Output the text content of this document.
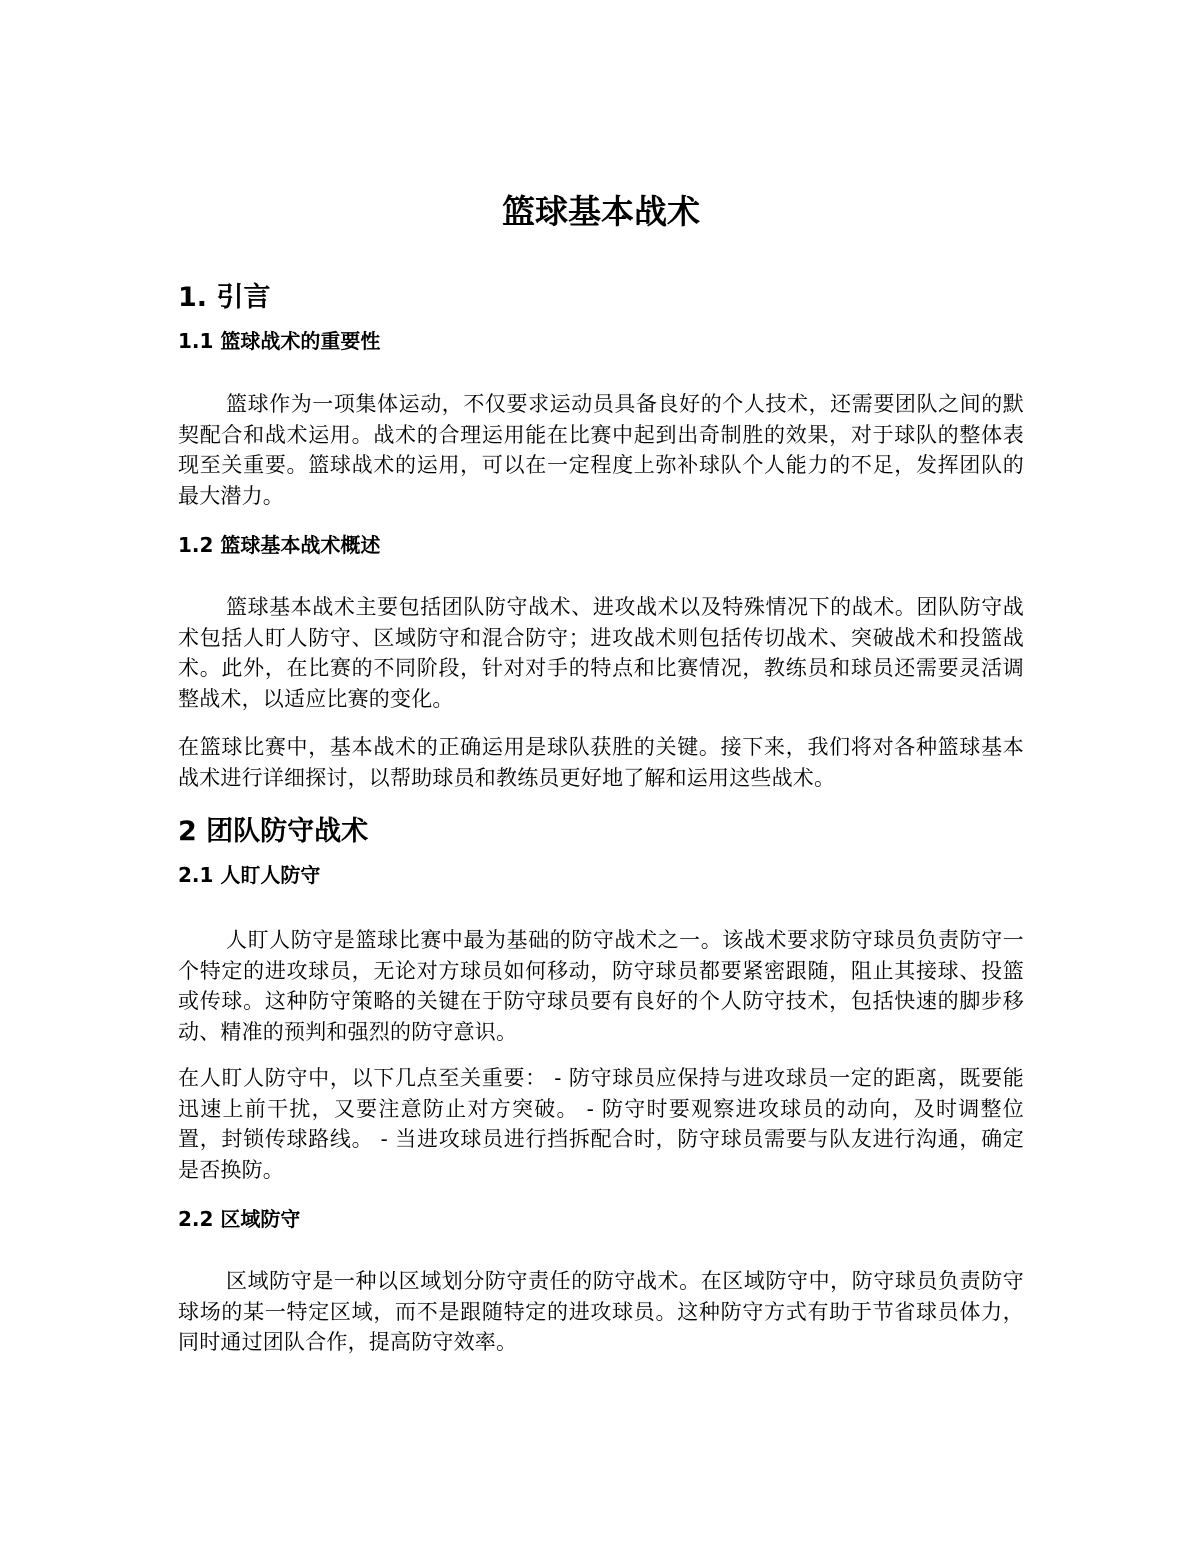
篮球基本战术
1. 引言
1.1 篮球战术的重要性

篮球作为一项集体运动，不仅要求运动员具备良好的个人技术，还需要团队之间的默契配合和战术运用。战术的合理运用能在比赛中起到出奇制胜的效果，对于球队的整体表现至关重要。篮球战术的运用，可以在一定程度上弥补球队个人能力的不足，发挥团队的最大潜力。

1.2 篮球基本战术概述

篮球基本战术主要包括团队防守战术、进攻战术以及特殊情况下的战术。团队防守战术包括人盯人防守、区域防守和混合防守；进攻战术则包括传切战术、突破战术和投篮战术。此外，在比赛的不同阶段，针对对手的特点和比赛情况，教练员和球员还需要灵活调整战术，以适应比赛的变化。

在篮球比赛中，基本战术的正确运用是球队获胜的关键。接下来，我们将对各种篮球基本战术进行详细探讨，以帮助球员和教练员更好地了解和运用这些战术。

2 团队防守战术
2.1 人盯人防守

人盯人防守是篮球比赛中最为基础的防守战术之一。该战术要求防守球员负责防守一个特定的进攻球员，无论对方球员如何移动，防守球员都要紧密跟随，阻止其接球、投篮或传球。这种防守策略的关键在于防守球员要有良好的个人防守技术，包括快速的脚步移动、精准的预判和强烈的防守意识。

在人盯人防守中，以下几点至关重要： - 防守球员应保持与进攻球员一定的距离，既要能迅速上前干扰，又要注意防止对方突破。 - 防守时要观察进攻球员的动向，及时调整位置，封锁传球路线。 - 当进攻球员进行挡拆配合时，防守球员需要与队友进行沟通，确定是否换防。

2.2 区域防守

区域防守是一种以区域划分防守责任的防守战术。在区域防守中，防守球员负责防守球场的某一特定区域，而不是跟随特定的进攻球员。这种防守方式有助于节省球员体力，同时通过团队合作，提高防守效率。
